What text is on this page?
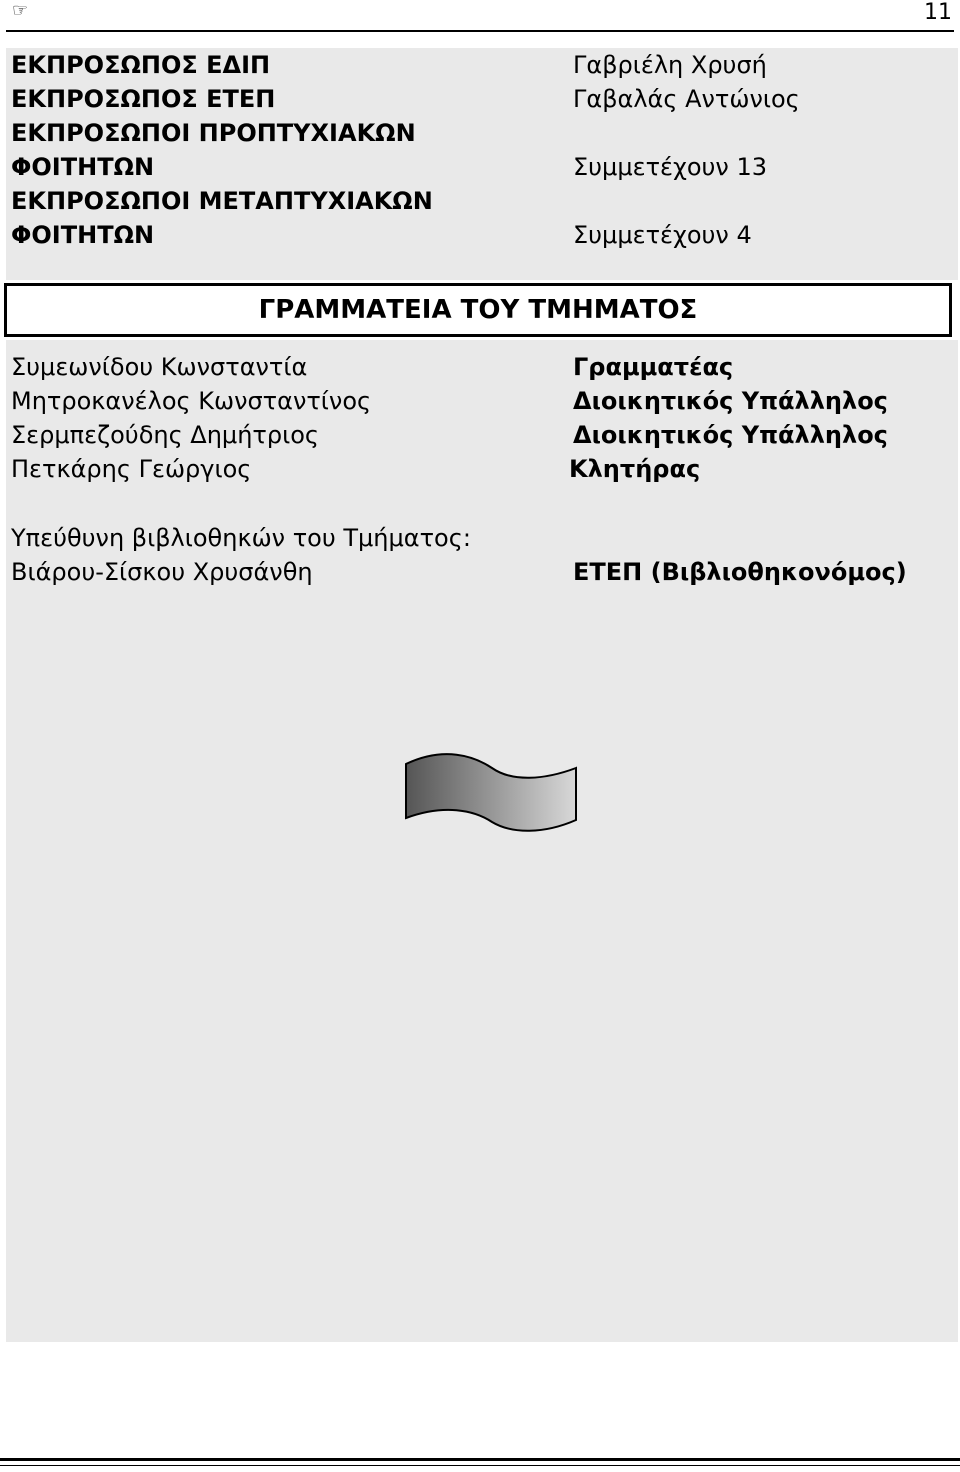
☞	11
ΕΚΠΡΟΣΩΠΟΣ ΕΔΙΠ	Γαβριέλη Χρυσή
ΕΚΠΡΟΣΩΠΟΣ ΕΤΕΠ	Γαβαλάς Αντώνιος
ΕΚΠΡΟΣΩΠΟΙ ΠΡΟΠΤΥΧΙΑΚΩΝ
ΦΟΙΤΗΤΩΝ	Συμμετέχουν 13
ΕΚΠΡΟΣΩΠΟΙ ΜΕΤΑΠΤΥΧΙΑΚΩΝ
ΦΟΙΤΗΤΩΝ	Συμμετέχουν 4
ΓΡΑΜΜΑΤΕΙΑ ΤΟΥ ΤΜΗΜΑΤΟΣ
Συμεωνίδου Κωνσταντία	Γραμματέας
Μητροκανέλος Κωνσταντίνος	Διοικητικός Υπάλληλος
Σερμπεζούδης Δημήτριος	Διοικητικός Υπάλληλος
Πετκάρης Γεώργιος	Κλητήρας
Υπεύθυνη βιβλιοθηκών του Τμήματος:
Βιάρου-Σίσκου Χρυσάνθη	ΕΤΕΠ (Βιβλιοθηκονόμος)
